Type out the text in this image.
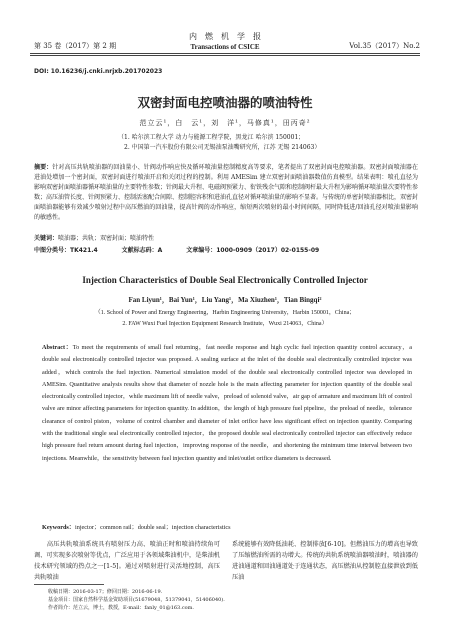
第 35 卷（2017）第 2 期
内　燃　机　学　报
Transactions of CSICE	Vol.35（2017）No.2
DOI: 10.16236/j.cnki.nrjxb.201702023
双密封面电控喷油器的喷油特性
范立云¹，白　云¹，刘　洋¹，马修真¹，田丙奇²
（1. 哈尔滨工程大学 动力与能源工程学院，黑龙江 哈尔滨 150001；
2. 中国第一汽车股份有限公司无锡油泵油嘴研究所，江苏 无锡 214063）
摘要：针对高压共轨喷油器的回油量小、针阀动作响应快及循环喷油量控制精度高等要求，笔者提出了双密封面电控喷油器。双密封面喷油器在进油处增加一个密封面，双密封面进行喷油开启和关闭过程的控制。利用 AMESim 建立双密封面喷油器数值仿真模型。结果表明：喷孔直径为影响双密封面喷油器循环喷油量的主要特性参数；针阀最大升程、电磁阀预紧力、衔铁残余气隙和控制阀杆最大升程为影响循环喷油量次要特性参数；高压油管长度、针阀预紧力、控制活塞配合间隙、控制腔容积和进油孔直径对循环喷油量的影响不显著。与传统的单密封喷油器相比，双密封面喷油器能够有效减少喷射过程中高压燃油的回油量，提高针阀的动作响应，缩短两次喷射的最小时间间隔，同时降低进/回油孔径对喷油量影响的敏感性。
关键词：喷油器；共轨；双密封面；喷油特性
中图分类号：TK421.4	文献标志码：A	文章编号：1000-0909（2017）02-0155-09
Injection Characteristics of Double Seal Electronically Controlled Injector
Fan Liyun¹，Bai Yun¹，Liu Yang¹，Ma Xiuzhen¹，Tian Bingqi²
（1. School of Power and Energy Engineering，Harbin Engineering University，Harbin 150001，China；
2. FAW Wuxi Fuel Injection Equipment Research Institute，Wuxi 214063，China）
Abstract：To meet the requirements of small fuel returning，fast needle response and high cyclic fuel injection quantity control accuracy，a double seal electronically controlled injector was proposed. A sealing surface at the inlet of the double seal electronically controlled injector was added，which controls the fuel injection. Numerical simulation model of the double seal electronically controlled injector was developed in AMESim. Quantitative analysis results show that diameter of nozzle hole is the main affecting parameter for injection quantity of the double seal electronically controlled injector，while maximum lift of needle valve，preload of solenoid valve，air gap of armature and maximum lift of control valve are minor affecting parameters for injection quantity. In addition，the length of high pressure fuel pipeline，the preload of needle，tolerance clearance of control piston，volume of control chamber and diameter of inlet orifice have less significant effect on injection quantity. Comparing with the traditional single seal electronically controlled injector，the proposed double seal electronically controlled injector can effectively reduce high pressure fuel return amount during fuel injection，improving response of the needle，and shortening the minimum time interval between two injections. Meanwhile，the sensitivity between fuel injection quantity and inlet/outlet orifice diameters is decreased.
Keywords：injector；common rail；double seal；injection characteristics
　　高压共轨喷油系统具有喷射压力高、喷油正时和喷油持续角可调、可实现多次喷射等优点，广泛应用于各领域柴油机中，是柴油机技术研究领域的热点之一[1-5]。通过对喷射进行灵活地控制，高压共轨喷油
系统能够有效降低油耗、控制排放[6-10]。但燃油压力的增高也导致了压缩燃油所需的功增大。传统的共轨系统喷油器喷油时，喷油器的进油通道和回油通道处于连通状态，高压燃油从控制腔直接泄放到低压油
收稿日期：2016-03-17；修回日期：2016-06-19.
基金项目：国家自然科学基金资助项目(51679048，51379041，51406040).
作者简介：范立云，博士，教授，E-mail：fanly_01@163.com.
